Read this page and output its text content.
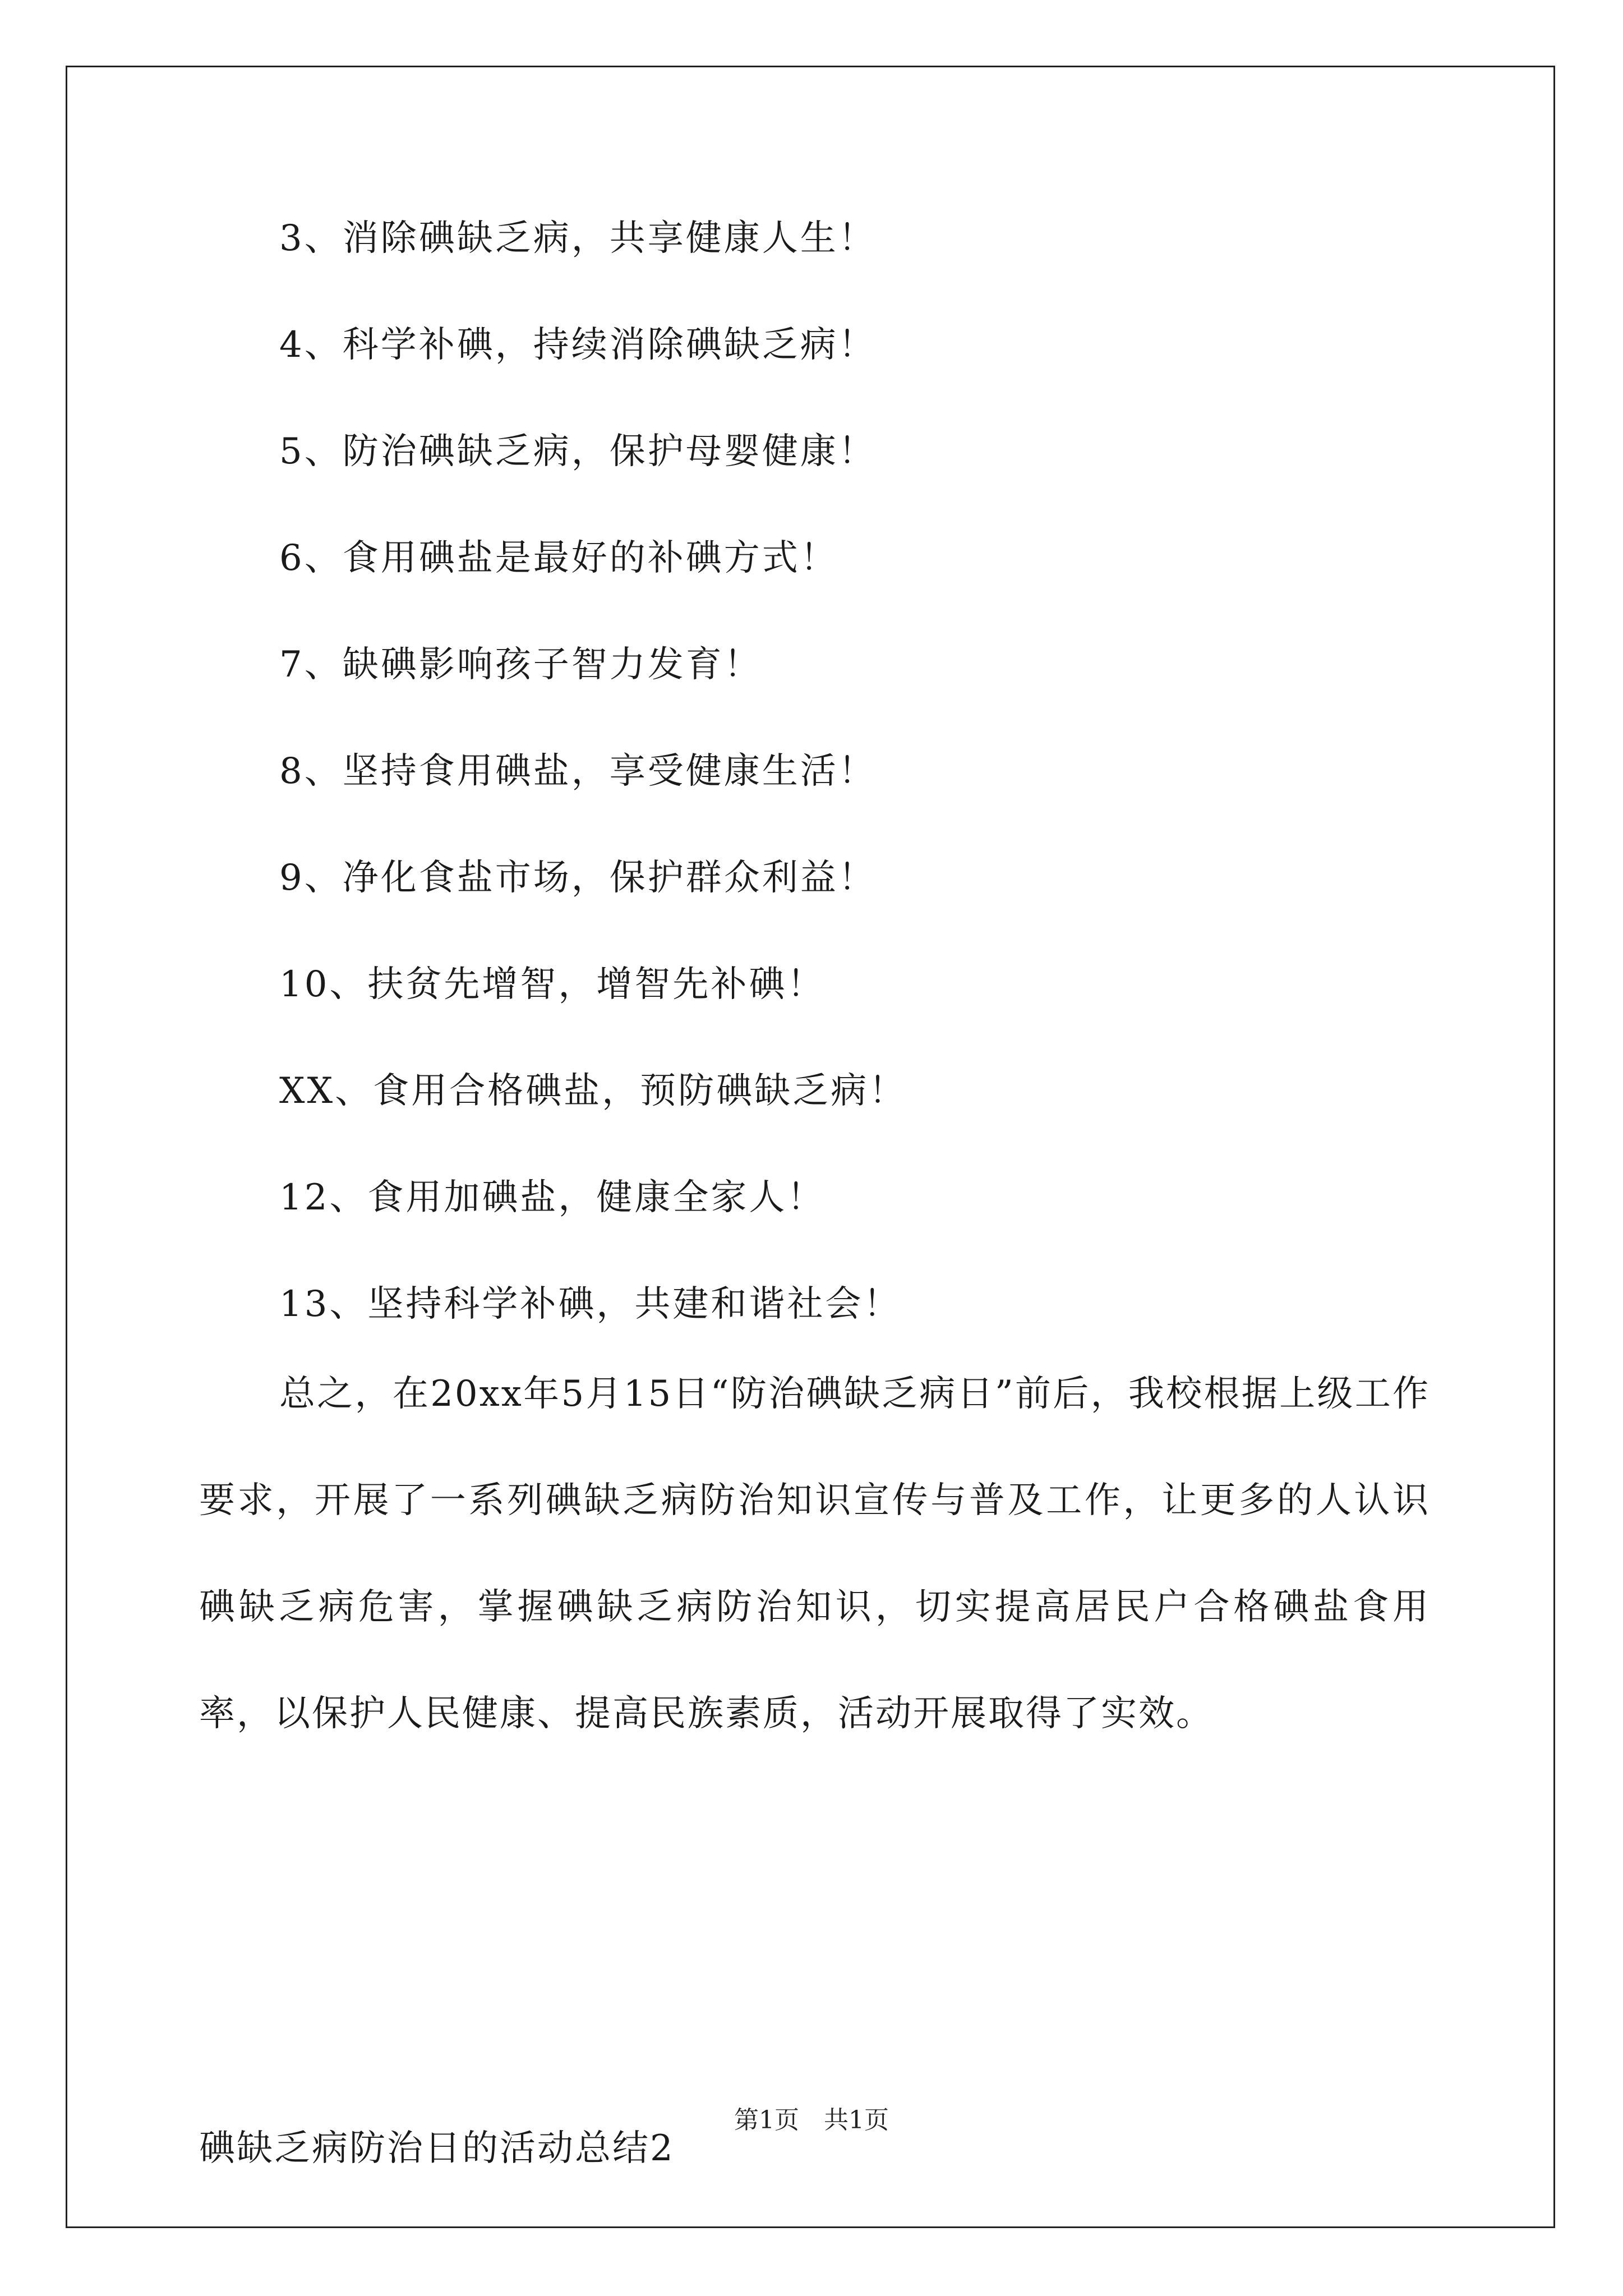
3、消除碘缺乏病，共享健康人生！

4、科学补碘，持续消除碘缺乏病！

5、防治碘缺乏病，保护母婴健康！

6、食用碘盐是最好的补碘方式！

7、缺碘影响孩子智力发育！

8、坚持食用碘盐，享受健康生活！

9、净化食盐市场，保护群众利益！

10、扶贫先增智，增智先补碘！

XX、食用合格碘盐，预防碘缺乏病！

12、食用加碘盐，健康全家人！

13、坚持科学补碘，共建和谐社会！

总之，在20xx年5月15日“防治碘缺乏病日”前后，我校根据上级工作要求，开展了一系列碘缺乏病防治知识宣传与普及工作，让更多的人认识碘缺乏病危害，掌握碘缺乏病防治知识，切实提高居民户合格碘盐食用率，以保护人民健康、提高民族素质，活动开展取得了实效。

碘缺乏病防治日的活动总结2
第1页　共1页
